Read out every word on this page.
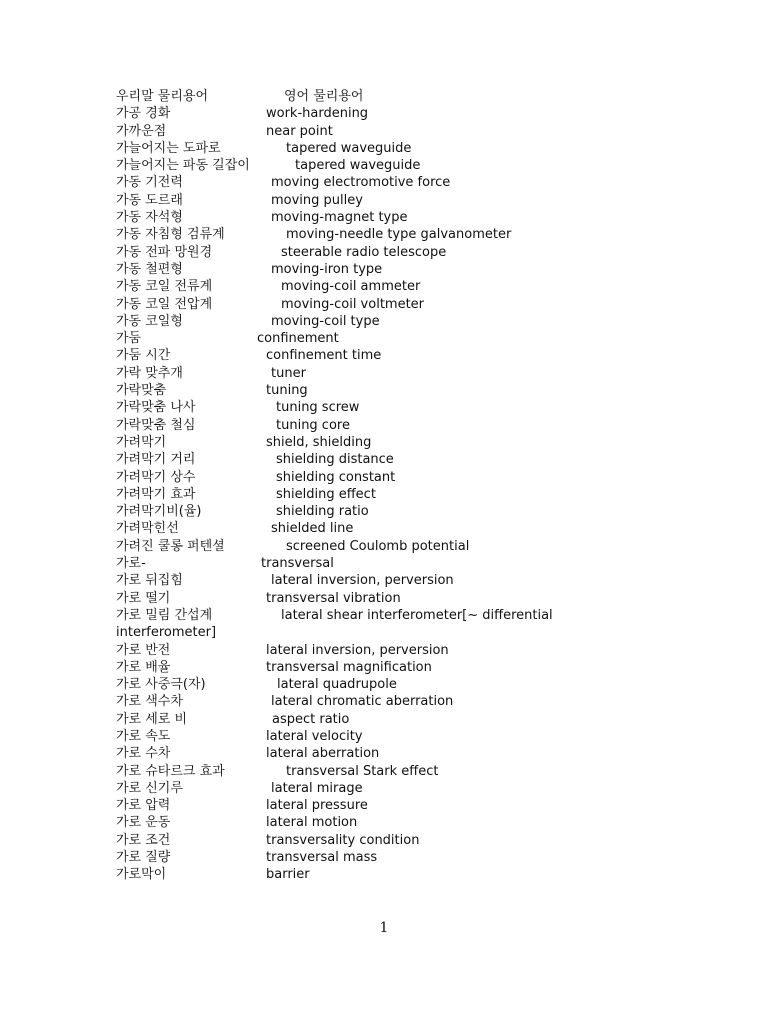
우리말 물리용어	영어 물리용어
가공 경화	work-hardening
가까운점	near point
가늘어지는 도파로	tapered waveguide
가늘어지는 파동 길잡이	tapered waveguide
가동 기전력	moving electromotive force
가동 도르래	moving pulley
가동 자석형	moving-magnet type
가동 자침형 검류계	moving-needle type galvanometer
가동 전파 망원경	steerable radio telescope
가동 철편형	moving-iron type
가동 코일 전류계	moving-coil ammeter
가동 코일 전압계	moving-coil voltmeter
가동 코일형	moving-coil type
가둠	confinement
가둠 시간	confinement time
가락 맞추개	tuner
가락맞춤	tuning
가락맞춤 나사	tuning screw
가락맞춤 철심	tuning core
가려막기	shield, shielding
가려막기 거리	shielding distance
가려막기 상수	shielding constant
가려막기 효과	shielding effect
가려막기비(율)	shielding ratio
가려막힌선	shielded line
가려진 쿨롱 퍼텐셜	screened Coulomb potential
가로-	transversal
가로 뒤집힘	lateral inversion, perversion
가로 떨기	transversal vibration
가로 밀림 간섭계	lateral shear interferometer[~ differential
interferometer]
가로 반전	lateral inversion, perversion
가로 배율	transversal magnification
가로 사중극(자)	lateral quadrupole
가로 색수차	lateral chromatic aberration
가로 세로 비	aspect ratio
가로 속도	lateral velocity
가로 수차	lateral aberration
가로 슈타르크 효과	transversal Stark effect
가로 신기루	lateral mirage
가로 압력	lateral pressure
가로 운동	lateral motion
가로 조건	transversality condition
가로 질량	transversal mass
가로막이	barrier
1
